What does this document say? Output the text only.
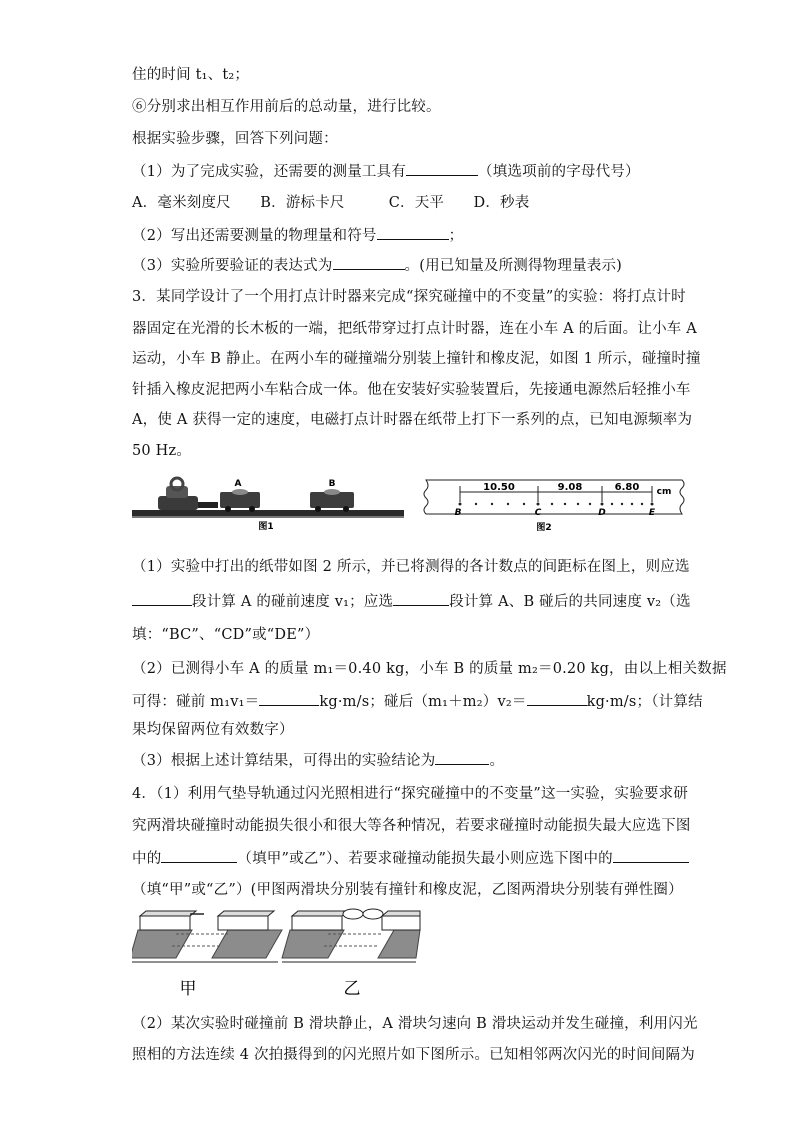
住的时间 t₁、t₂；
⑥分别求出相互作用前后的总动量，进行比较。
根据实验步骤，回答下列问题：
（1）为了完成实验，还需要的测量工具有	（填选项前的字母代号）
A．毫米刻度尺　　B．游标卡尺　　　C．天平　　D．秒表
（2）写出还需要测量的物理量和符号	；
（3）实验所要验证的表达式为	。(用已知量及所测得物理量表示)
3．某同学设计了一个用打点计时器来完成“探究碰撞中的不变量”的实验：将打点计时
器固定在光滑的长木板的一端，把纸带穿过打点计时器，连在小车 A 的后面。让小车 A
运动，小车 B 静止。在两小车的碰撞端分别装上撞针和橡皮泥，如图 1 所示，碰撞时撞
针插入橡皮泥把两小车粘合成一体。他在安装好实验装置后，先接通电源然后轻推小车
A，使 A 获得一定的速度，电磁打点计时器在纸带上打下一系列的点，已知电源频率为
50 Hz。
A	B
图1
10.50	9.08	6.80 cm
B	C	D	E
图2
（1）实验中打出的纸带如图 2 所示，并已将测得的各计数点的间距标在图上，则应选
段计算 A 的碰前速度 v₁；应选	段计算 A、B 碰后的共同速度 v₂（选
填：“BC”、“CD”或“DE”）
（2）已测得小车 A 的质量 m₁＝0.40 kg，小车 B 的质量 m₂＝0.20 kg，由以上相关数据
可得：碰前 m₁v₁＝	kg·m/s；碰后（m₁＋m₂）v₂＝	kg·m/s；（计算结
果均保留两位有效数字）
（3）根据上述计算结果，可得出的实验结论为	。
4．（1）利用气垫导轨通过闪光照相进行“探究碰撞中的不变量”这一实验，实验要求研
究两滑块碰撞时动能损失很小和很大等各种情况，若要求碰撞时动能损失最大应选下图
中的	（填甲”或乙”）、若要求碰撞动能损失最小则应选下图中的
（填“甲”或“乙”）(甲图两滑块分别装有撞针和橡皮泥，乙图两滑块分别装有弹性圈）
甲	乙
（2）某次实验时碰撞前 B 滑块静止，A 滑块匀速向 B 滑块运动并发生碰撞，利用闪光
照相的方法连续 4 次拍摄得到的闪光照片如下图所示。已知相邻两次闪光的时间间隔为
